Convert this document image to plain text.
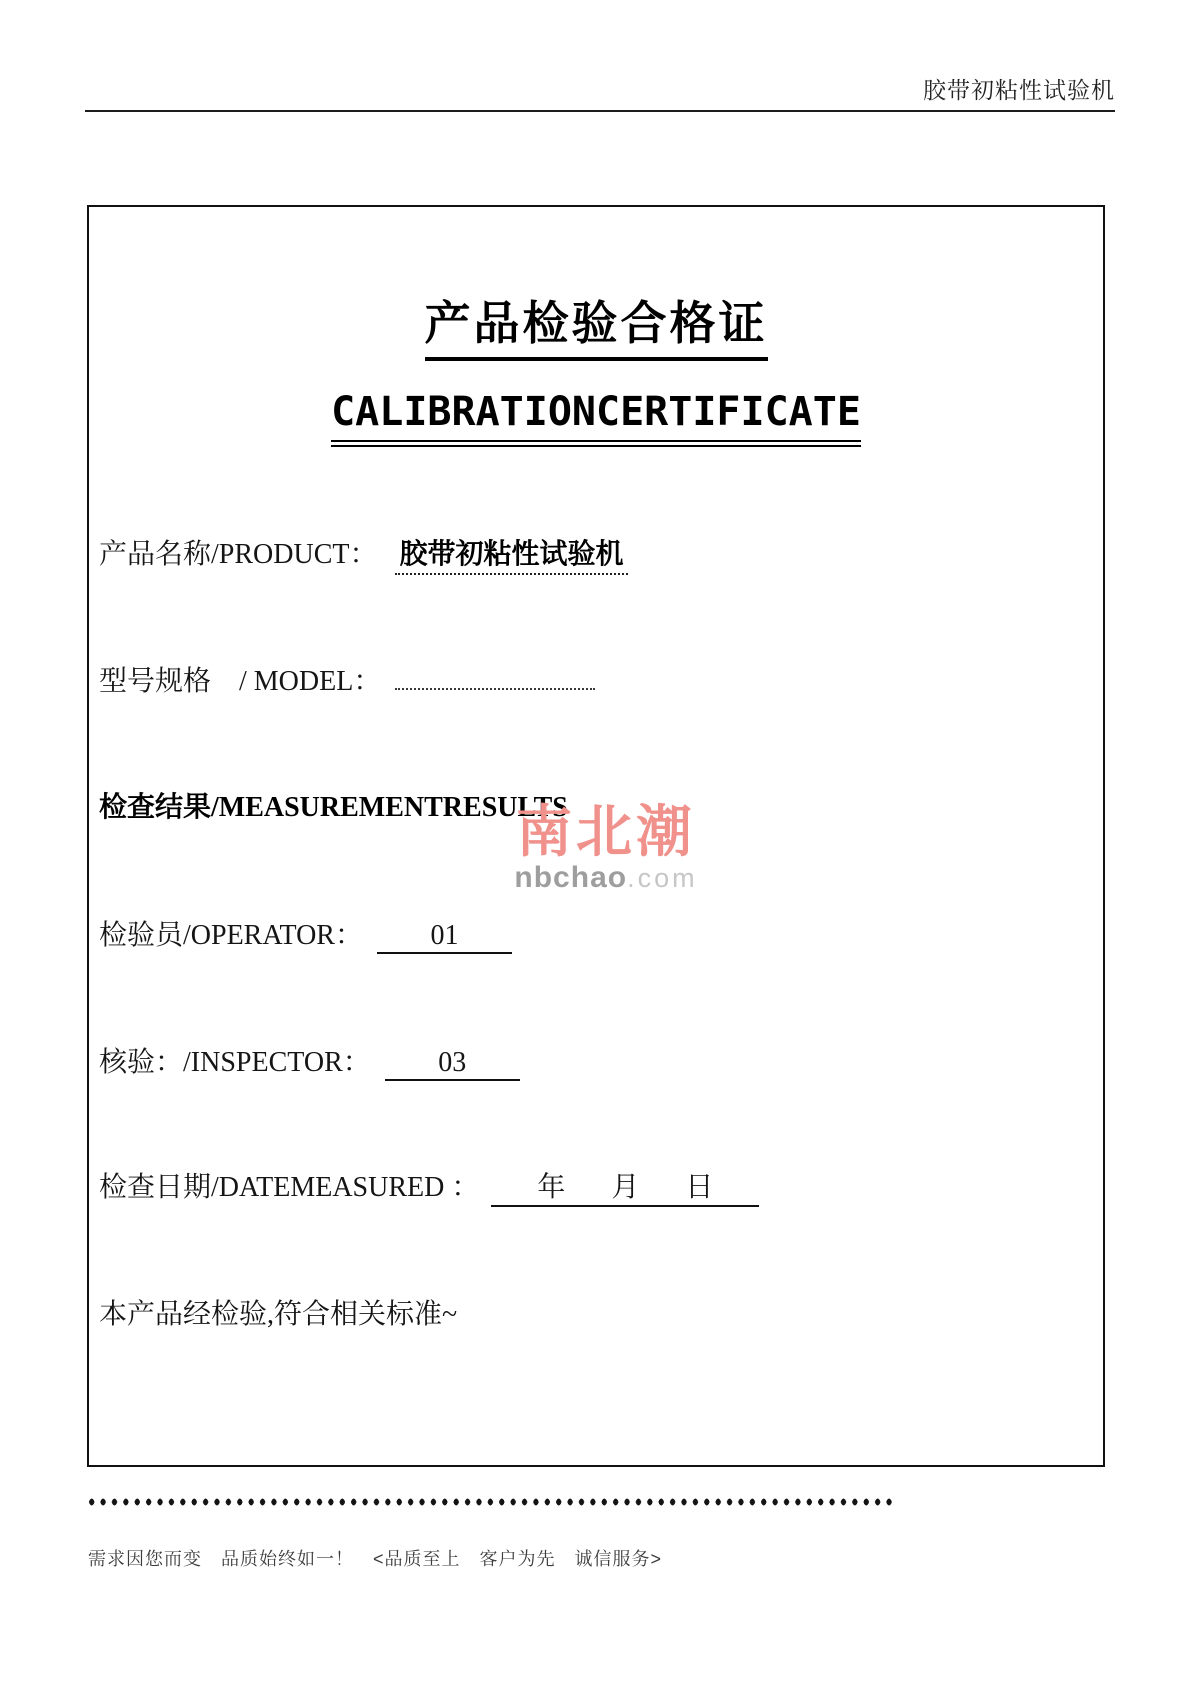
胶带初粘性试验机
产品检验合格证
CALIBRATIONCERTIFICATE
产品名称/PRODUCT： 胶带初粘性试验机
型号规格　/ MODEL：
检查结果/MEASUREMENTRESULTS
南北潮
nbchao.com
检验员/OPERATOR： 01
核验：/INSPECTOR： 03
检查日期/DATEMEASURED ： 年 月 日
本产品经检验,符合相关标准~
需求因您而变　品质始终如一！　<品质至上　客户为先　诚信服务>
